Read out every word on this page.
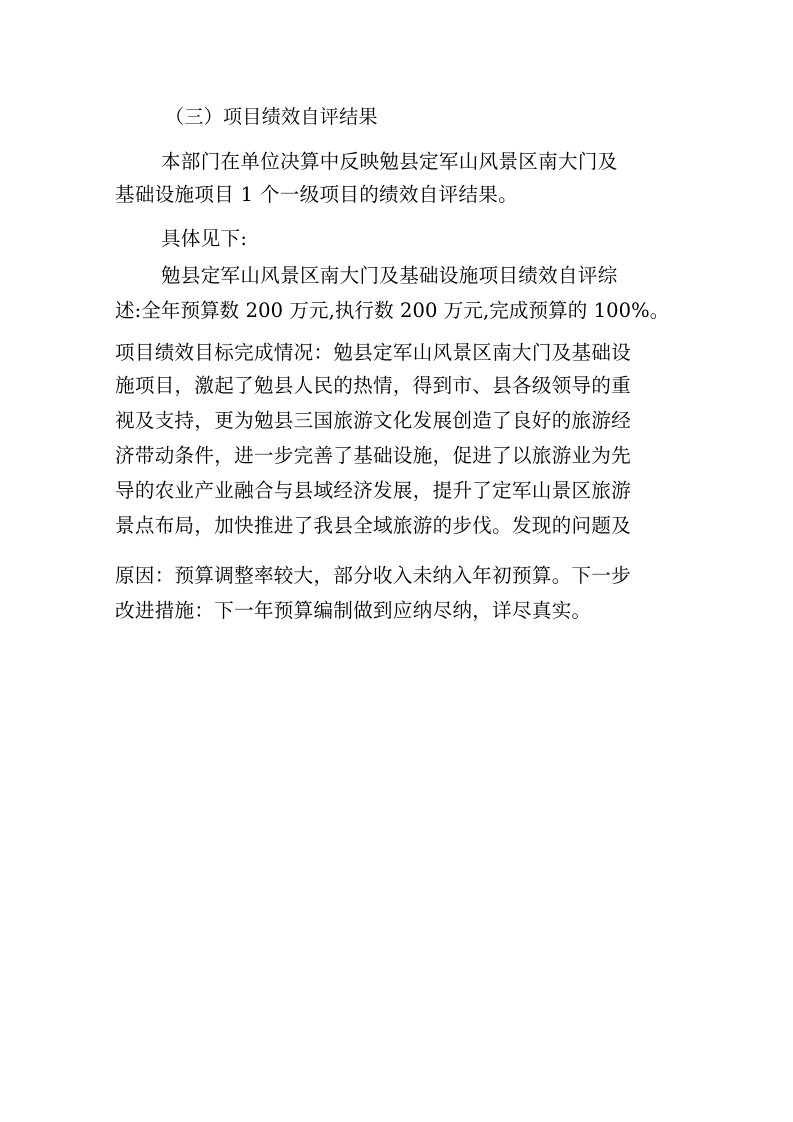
（三）项目绩效自评结果
本部门在单位决算中反映勉县定军山风景区南大门及
基础设施项目 1 个一级项目的绩效自评结果。
具体见下:
勉县定军山风景区南大门及基础设施项目绩效自评综
述:全年预算数 200 万元,执行数 200 万元,完成预算的 100%。
项目绩效目标完成情况：勉县定军山风景区南大门及基础设
施项目，激起了勉县人民的热情，得到市、县各级领导的重
视及支持，更为勉县三国旅游文化发展创造了良好的旅游经
济带动条件，进一步完善了基础设施，促进了以旅游业为先
导的农业产业融合与县域经济发展，提升了定军山景区旅游
景点布局，加快推进了我县全域旅游的步伐。发现的问题及
原因：预算调整率较大，部分收入未纳入年初预算。下一步
改进措施：下一年预算编制做到应纳尽纳，详尽真实。
